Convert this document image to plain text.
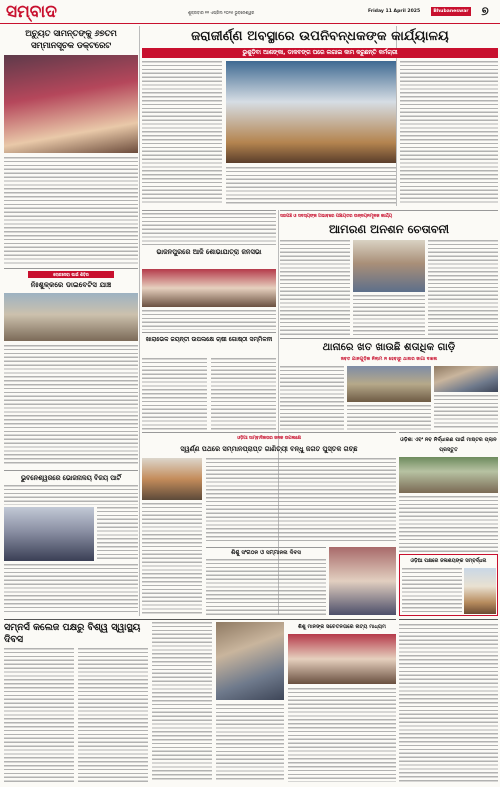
ସମ୍ବାଦ	ଶୁକ୍ରବାର ୧୧ ଏପ୍ରିଲ ୨୦୨୫ ଭୁବନେଶ୍ୱର	Friday 11 April 2025	Bhubaneswar	୭
ଅଚ୍ୟୁତ ସାମନ୍ତଙ୍କୁ ୬୭ତମ ସମ୍ମାନସୂଚକ ଡକ୍ଟରେଟ
ଲୋକସେବା ପାଇଁ ଶିବିର
ନିଃଶୁଳ୍କରେ ଡାଇବେଟିସ ଯାଞ୍ଚ
ଭୁବନେଶ୍ୱରରେ ଭୋଜନାଳୟ ବିଜୟ ପାର୍ଟି
ଜରାଜୀର୍ଣ୍ଣ ଅବସ୍ଥାରେ ଉପନିବନ୍ଧକଙ୍କ କାର୍ଯ୍ୟାଳୟ
ଭୁଶୁଡ଼ିବା ଆଶଙ୍କା, ଡାକବଙ୍ଗ ଘରେ ଲଗାଇ କାମ କରୁଛନ୍ତି କର୍ମଚାରୀ
ସରପଞ୍ଚ ଓ ସଦସ୍ୟଙ୍କ ଅଭାବରେ ପଞ୍ଚାୟତର ଉନ୍ନୟନମୂଳକ କାର୍ଯ୍ୟ
ଆମରଣ ଅନଶନ ଚେତାବନୀ
ଭାଜନପୁରରେ ଆଜି ଶୋଭାଯାତ୍ରା ଜନସଭା
ଖାରାଭେଳ ଜୟନ୍ତୀ ଉପଲକ୍ଷେ ଚାଷୀ ଗୋଷ୍ଠୀ ସମ୍ମିଳନୀ
ଥାନାରେ ଖତ ଖାଉଛି ଶତାଧିକ ଗାଡ଼ି
ଜବତ ଯାନଗୁଡ଼ିକ ନିଲାମ ନ ହେବାରୁ ଥାନାର ଜାଗା ଦଖଲ
ଓଡ଼ିଆ ସାମ୍ବାଦିକତାର ଜନକ ଉପଲକ୍ଷେ
ସ୍ୱର୍ଣ୍ଣ ପଥରେ ସମ୍ମାନପ୍ରାପ୍ତ ଗାଣିତ୍ୟୀ ବନ୍ଧୁ ଜଗତ ପୁସ୍ତକ ଗଚ୍ଛ
ଶିଶୁ ସଂଗଠନ ଓ ସମ୍ମାନନା ଦିବସ
ଓଡ଼ିଶା ଏବଂ ନବ ନିର୍ଦ୍ଧାରଣ ପାଇଁ ମାଷ୍ଟର ପ୍ଲାନ ପ୍ରସ୍ତୁତ
ଓଡ଼ିଆ ପକ୍ଷରେ ଜଳାଶୟଙ୍କ ସମ୍ବର୍ଦ୍ଧନା
ସମ୍ନର୍ସ କଲେଜ ପକ୍ଷରୁ ବିଶ୍ୱ ସ୍ୱାସ୍ଥ୍ୟ ଦିବସ
ଶିଶୁ ମାନଙ୍କ ସଚେତନତାରେ ନାଟ୍ୟ ମାଧ୍ୟମ
